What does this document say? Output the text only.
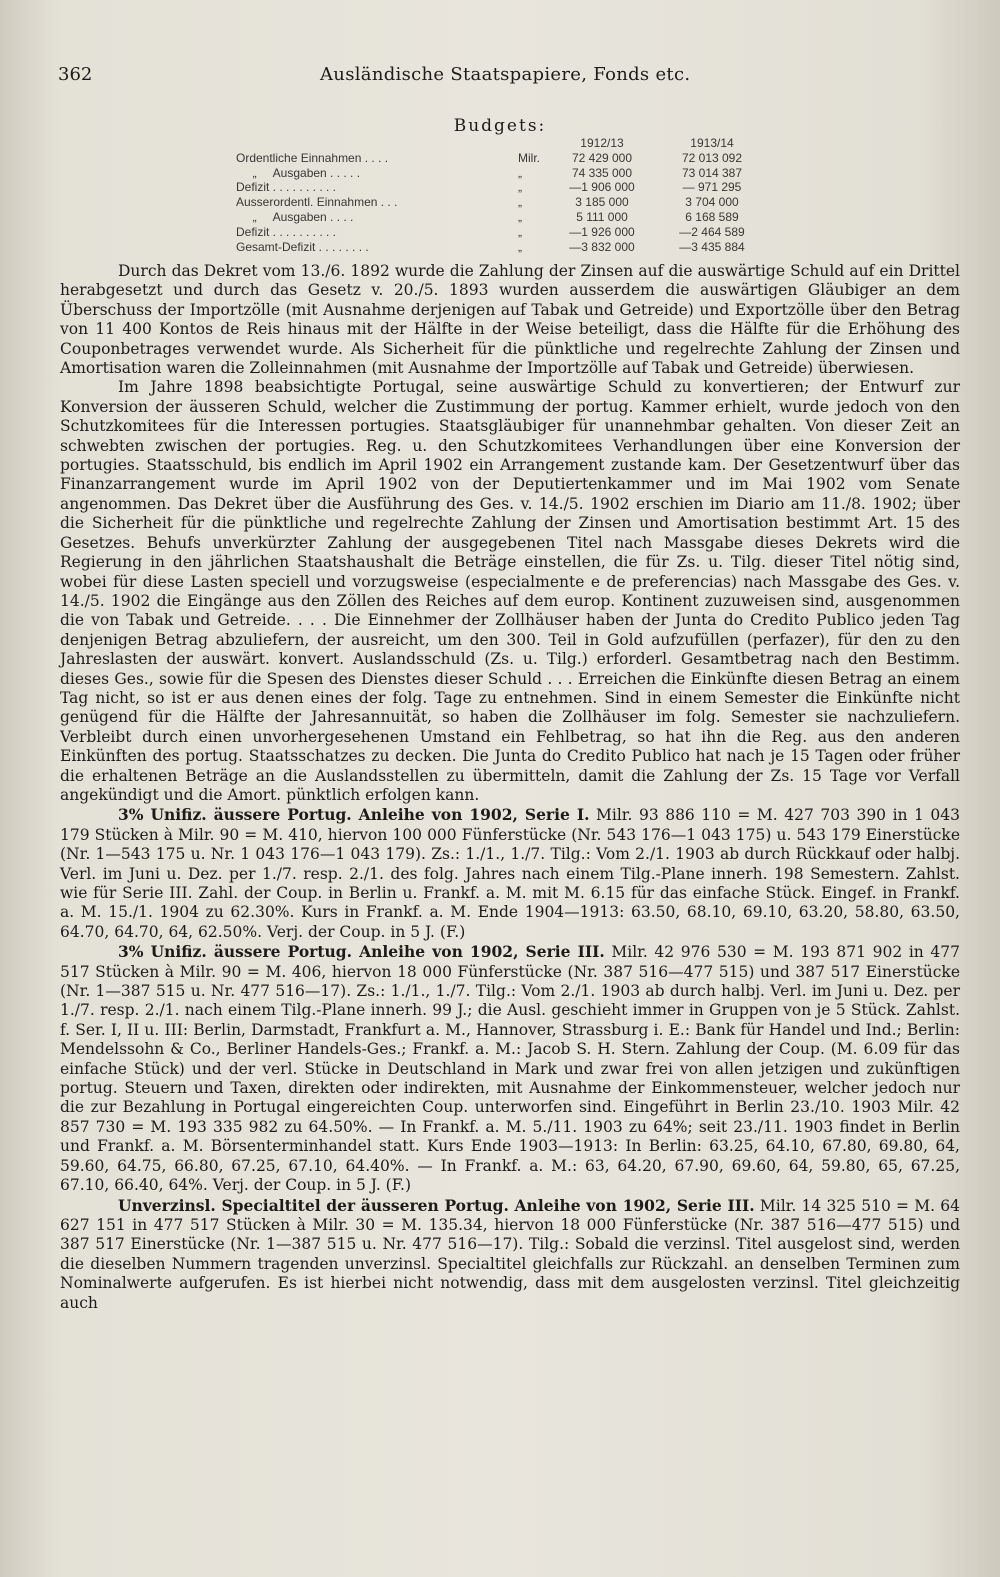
362	Ausländische Staatspapiere, Fonds etc.
Budgets:
1912/13	1913/14
Ordentliche Einnahmen . . . .	Milr.	72 429 000	72 013 092
„     Ausgaben . . . . .	„	74 335 000	73 014 387
Defizit . . . . . . . . . .	„	—1 906 000	— 971 295
Ausserordentl. Einnahmen . . .	„	3 185 000	3 704 000
„     Ausgaben . . . .	„	5 111 000	6 168 589
Defizit . . . . . . . . . .	„	—1 926 000	—2 464 589
Gesamt-Defizit . . . . . . . .	„	—3 832 000	—3 435 884

Durch das Dekret vom 13./6. 1892 wurde die Zahlung der Zinsen auf die auswärtige Schuld auf ein Drittel herabgesetzt und durch das Gesetz v. 20./5. 1893 wurden ausserdem die auswärtigen Gläubiger an dem Überschuss der Importzölle (mit Ausnahme derjenigen auf Tabak und Getreide) und Exportzölle über den Betrag von 11 400 Kontos de Reis hinaus mit der Hälfte in der Weise beteiligt, dass die Hälfte für die Erhöhung des Couponbetrages verwendet wurde. Als Sicherheit für die pünktliche und regelrechte Zahlung der Zinsen und Amortisation waren die Zolleinnahmen (mit Ausnahme der Importzölle auf Tabak und Getreide) überwiesen.

Im Jahre 1898 beabsichtigte Portugal, seine auswärtige Schuld zu konvertieren; der Entwurf zur Konversion der äusseren Schuld, welcher die Zustimmung der portug. Kammer erhielt, wurde jedoch von den Schutzkomitees für die Interessen portugies. Staatsgläubiger für unannehmbar gehalten. Von dieser Zeit an schwebten zwischen der portugies. Reg. u. den Schutzkomitees Verhandlungen über eine Konversion der portugies. Staatsschuld, bis endlich im April 1902 ein Arrangement zustande kam. Der Gesetzentwurf über das Finanzarrangement wurde im April 1902 von der Deputiertenkammer und im Mai 1902 vom Senate angenommen. Das Dekret über die Ausführung des Ges. v. 14./5. 1902 erschien im Diario am 11./8. 1902; über die Sicherheit für die pünktliche und regelrechte Zahlung der Zinsen und Amortisation bestimmt Art. 15 des Gesetzes. Behufs unverkürzter Zahlung der ausgegebenen Titel nach Massgabe dieses Dekrets wird die Regierung in den jährlichen Staatshaushalt die Beträge einstellen, die für Zs. u. Tilg. dieser Titel nötig sind, wobei für diese Lasten speciell und vorzugsweise (especialmente e de preferencias) nach Massgabe des Ges. v. 14./5. 1902 die Eingänge aus den Zöllen des Reiches auf dem europ. Kontinent zuzuweisen sind, ausgenommen die von Tabak und Getreide. . . . Die Einnehmer der Zollhäuser haben der Junta do Credito Publico jeden Tag denjenigen Betrag abzuliefern, der ausreicht, um den 300. Teil in Gold aufzufüllen (perfazer), für den zu den Jahreslasten der auswärt. konvert. Auslandsschuld (Zs. u. Tilg.) erforderl. Gesamtbetrag nach den Bestimm. dieses Ges., sowie für die Spesen des Dienstes dieser Schuld . . . Erreichen die Einkünfte diesen Betrag an einem Tag nicht, so ist er aus denen eines der folg. Tage zu entnehmen. Sind in einem Semester die Einkünfte nicht genügend für die Hälfte der Jahresannuität, so haben die Zollhäuser im folg. Semester sie nachzuliefern. Verbleibt durch einen unvorhergesehenen Umstand ein Fehlbetrag, so hat ihn die Reg. aus den anderen Einkünften des portug. Staatsschatzes zu decken. Die Junta do Credito Publico hat nach je 15 Tagen oder früher die erhaltenen Beträge an die Auslandsstellen zu übermitteln, damit die Zahlung der Zs. 15 Tage vor Verfall angekündigt und die Amort. pünktlich erfolgen kann.

3% Unifiz. äussere Portug. Anleihe von 1902, Serie I. Milr. 93 886 110 = M. 427 703 390 in 1 043 179 Stücken à Milr. 90 = M. 410, hiervon 100 000 Fünferstücke (Nr. 543 176—1 043 175) u. 543 179 Einerstücke (Nr. 1—543 175 u. Nr. 1 043 176—1 043 179). Zs.: 1./1., 1./7. Tilg.: Vom 2./1. 1903 ab durch Rückkauf oder halbj. Verl. im Juni u. Dez. per 1./7. resp. 2./1. des folg. Jahres nach einem Tilg.-Plane innerh. 198 Semestern. Zahlst. wie für Serie III. Zahl. der Coup. in Berlin u. Frankf. a. M. mit M. 6.15 für das einfache Stück. Eingef. in Frankf. a. M. 15./1. 1904 zu 62.30%. Kurs in Frankf. a. M. Ende 1904—1913: 63.50, 68.10, 69.10, 63.20, 58.80, 63.50, 64.70, 64.70, 64, 62.50%. Verj. der Coup. in 5 J. (F.)

3% Unifiz. äussere Portug. Anleihe von 1902, Serie III. Milr. 42 976 530 = M. 193 871 902 in 477 517 Stücken à Milr. 90 = M. 406, hiervon 18 000 Fünferstücke (Nr. 387 516—477 515) und 387 517 Einerstücke (Nr. 1—387 515 u. Nr. 477 516—17). Zs.: 1./1., 1./7. Tilg.: Vom 2./1. 1903 ab durch halbj. Verl. im Juni u. Dez. per 1./7. resp. 2./1. nach einem Tilg.-Plane innerh. 99 J.; die Ausl. geschieht immer in Gruppen von je 5 Stück. Zahlst. f. Ser. I, II u. III: Berlin, Darmstadt, Frankfurt a. M., Hannover, Strassburg i. E.: Bank für Handel und Ind.; Berlin: Mendelssohn & Co., Berliner Handels-Ges.; Frankf. a. M.: Jacob S. H. Stern. Zahlung der Coup. (M. 6.09 für das einfache Stück) und der verl. Stücke in Deutschland in Mark und zwar frei von allen jetzigen und zukünftigen portug. Steuern und Taxen, direkten oder indirekten, mit Ausnahme der Einkommensteuer, welcher jedoch nur die zur Bezahlung in Portugal eingereichten Coup. unterworfen sind. Eingeführt in Berlin 23./10. 1903 Milr. 42 857 730 = M. 193 335 982 zu 64.50%. — In Frankf. a. M. 5./11. 1903 zu 64%; seit 23./11. 1903 findet in Berlin und Frankf. a. M. Börsenterminhandel statt. Kurs Ende 1903—1913: In Berlin: 63.25, 64.10, 67.80, 69.80, 64, 59.60, 64.75, 66.80, 67.25, 67.10, 64.40%. — In Frankf. a. M.: 63, 64.20, 67.90, 69.60, 64, 59.80, 65, 67.25, 67.10, 66.40, 64%. Verj. der Coup. in 5 J. (F.)

Unverzinsl. Specialtitel der äusseren Portug. Anleihe von 1902, Serie III. Milr. 14 325 510 = M. 64 627 151 in 477 517 Stücken à Milr. 30 = M. 135.34, hiervon 18 000 Fünferstücke (Nr. 387 516—477 515) und 387 517 Einerstücke (Nr. 1—387 515 u. Nr. 477 516—17). Tilg.: Sobald die verzinsl. Titel ausgelost sind, werden die dieselben Nummern tragenden unverzinsl. Specialtitel gleichfalls zur Rückzahl. an denselben Terminen zum Nominalwerte aufgerufen. Es ist hierbei nicht notwendig, dass mit dem ausgelosten verzinsl. Titel gleichzeitig auch
